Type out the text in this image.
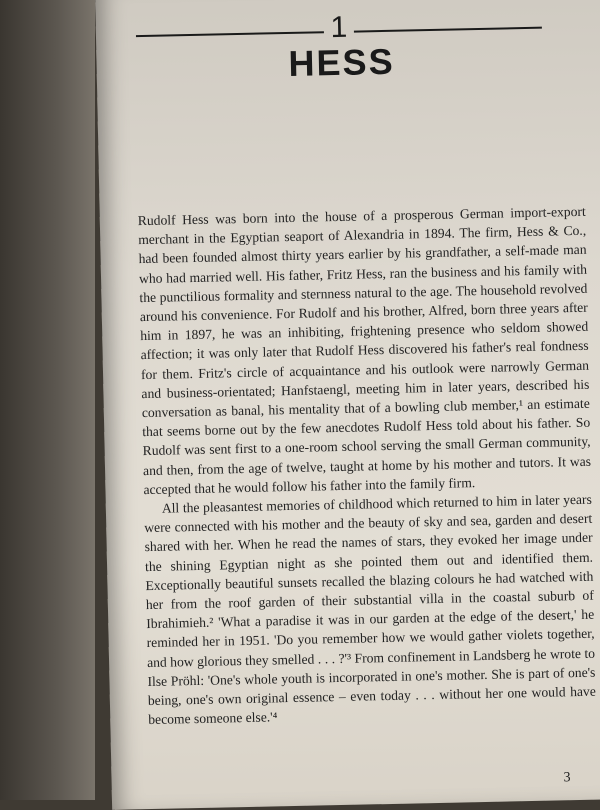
1
HESS

Rudolf Hess was born into the house of a prosperous German import-export merchant in the Egyptian seaport of Alexandria in 1894. The firm, Hess & Co., had been founded almost thirty years earlier by his grandfather, a self-made man who had married well. His father, Fritz Hess, ran the business and his family with the punctilious formality and sternness natural to the age. The household revolved around his convenience. For Rudolf and his brother, Alfred, born three years after him in 1897, he was an inhibiting, frightening presence who seldom showed affection; it was only later that Rudolf Hess discovered his father's real fondness for them. Fritz's circle of acquaintance and his outlook were narrowly German and business-orientated; Hanfstaengl, meeting him in later years, described his conversation as banal, his mentality that of a bowling club member,¹ an estimate that seems borne out by the few anecdotes Rudolf Hess told about his father. So Rudolf was sent first to a one-room school serving the small German community, and then, from the age of twelve, taught at home by his mother and tutors. It was accepted that he would follow his father into the family firm.

All the pleasantest memories of childhood which returned to him in later years were connected with his mother and the beauty of sky and sea, garden and desert shared with her. When he read the names of stars, they evoked her image under the shining Egyptian night as she pointed them out and identified them. Exceptionally beautiful sunsets recalled the blazing colours he had watched with her from the roof garden of their substantial villa in the coastal suburb of Ibrahimieh.² 'What a paradise it was in our garden at the edge of the desert,' he reminded her in 1951. 'Do you remember how we would gather violets together, and how glorious they smelled . . . ?'³ From confinement in Landsberg he wrote to Ilse Pröhl: 'One's whole youth is incorporated in one's mother. She is part of one's being, one's own original essence – even today . . . without her one would have become someone else.'⁴

3
